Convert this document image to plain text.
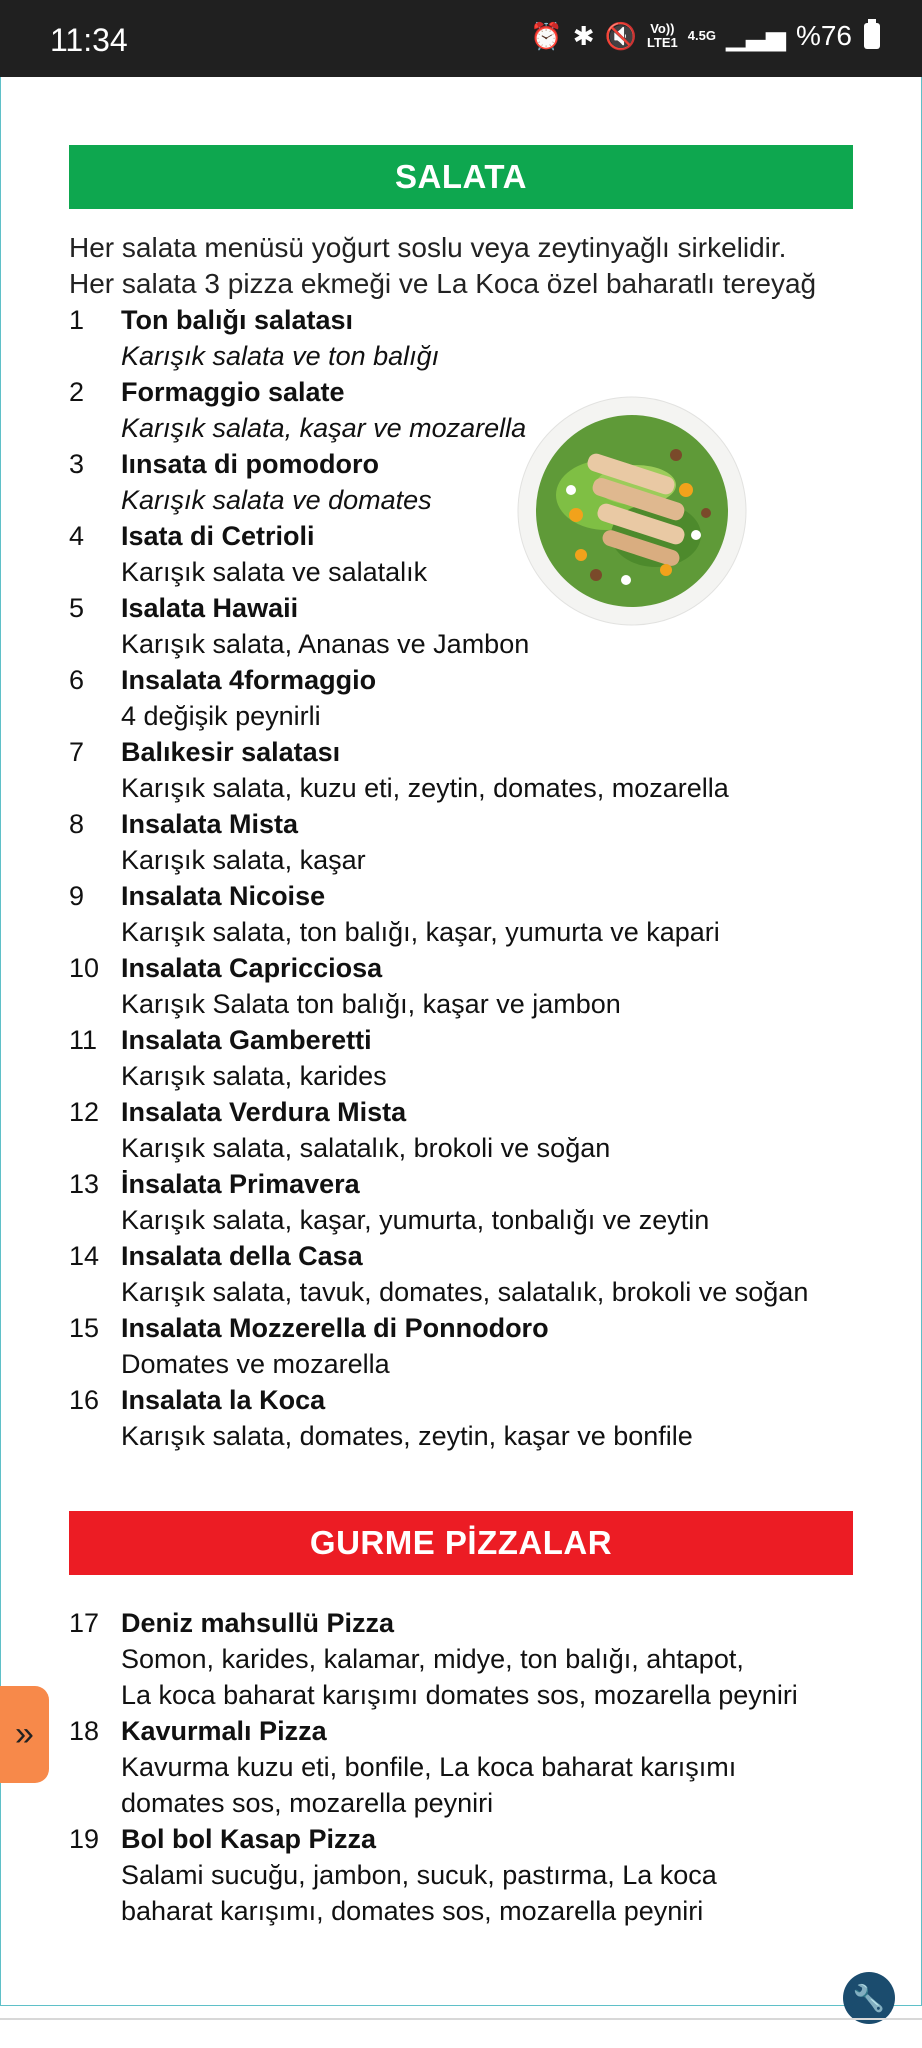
11:34	⏰ ✱ 🔇 Vo))
LTE1 4.5G ▁▃▅ %76
SALATA
Her salata menüsü yoğurt soslu veya zeytinyağlı sirkelidir.
Her salata 3 pizza ekmeği ve La Koca özel baharatlı tereyağ
1	Ton balığı salatası
Karışık salata ve ton balığı
2	Formaggio salate
Karışık salata, kaşar ve mozarella
3	Iınsata di pomodoro
Karışık salata ve domates
4	Isata di Cetrioli
Karışık salata ve salatalık
5	Isalata Hawaii
Karışık salata, Ananas ve Jambon
6	Insalata 4formaggio
4 değişik peynirli
7	Balıkesir salatası
Karışık salata, kuzu eti, zeytin, domates, mozarella
8	Insalata Mista
Karışık salata, kaşar
9	Insalata Nicoise
Karışık salata, ton balığı, kaşar, yumurta ve kapari
10 Insalata Capricciosa
Karışık Salata ton balığı, kaşar ve jambon
11 Insalata Gamberetti
Karışık salata, karides
12 Insalata Verdura Mista
Karışık salata, salatalık, brokoli ve soğan
13 İnsalata Primavera
Karışık salata, kaşar, yumurta, tonbalığı ve zeytin
14 Insalata della Casa
Karışık salata, tavuk, domates, salatalık, brokoli ve soğan
15 Insalata Mozzerella di Ponnodoro
Domates ve mozarella
16 Insalata la Koca
Karışık salata, domates, zeytin, kaşar ve bonfile
GURME PİZZALAR
17 Deniz mahsullü Pizza
Somon, karides, kalamar, midye, ton balığı, ahtapot,
La koca baharat karışımı domates sos, mozarella peyniri
18 Kavurmalı Pizza
Kavurma kuzu eti, bonfile, La koca baharat karışımı
domates sos, mozarella peyniri
19 Bol bol Kasap Pizza
Salami sucuğu, jambon, sucuk, pastırma, La koca
baharat karışımı, domates sos, mozarella peyniri
»
🔧
